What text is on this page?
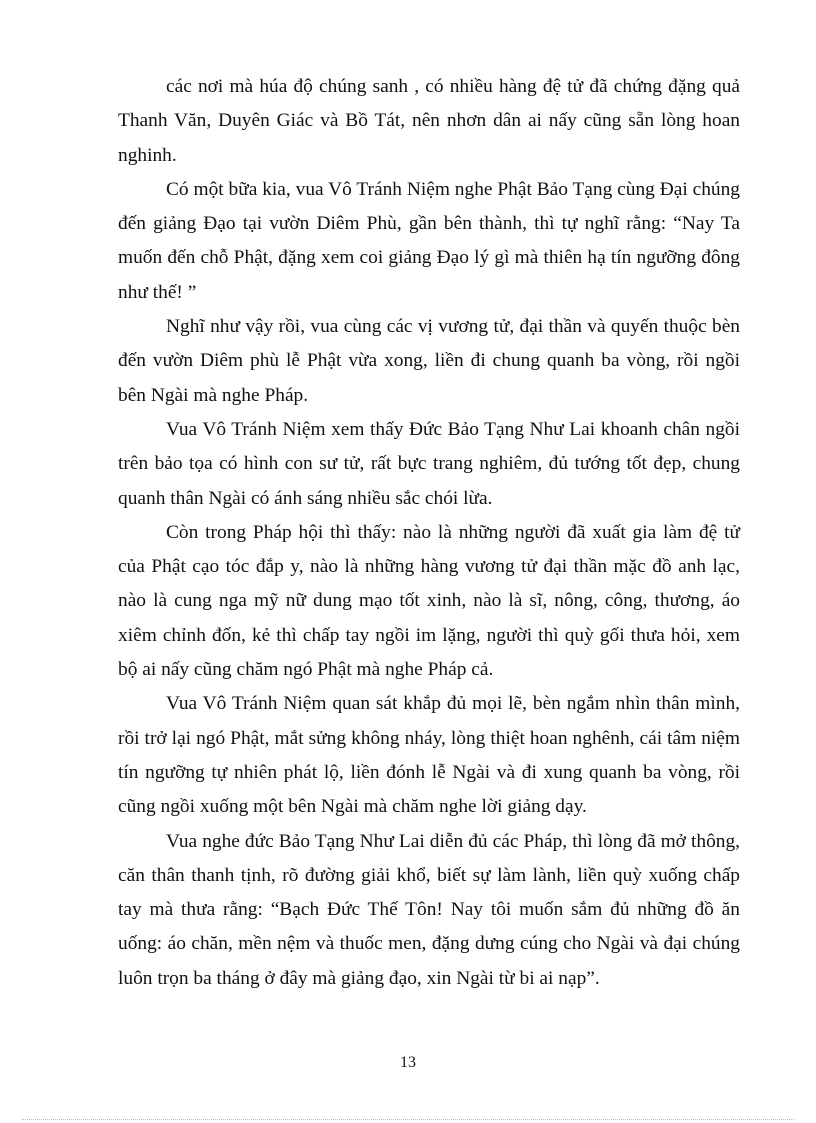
các nơi mà húa độ chúng sanh , có nhiều hàng đệ tử đã chứng đặng quả Thanh Văn, Duyên Giác và Bồ Tát, nên nhơn dân ai nấy cũng sẵn lòng hoan nghinh.

Có một bữa kia, vua Vô Tránh Niệm nghe Phật Bảo Tạng cùng Đại chúng đến giảng Đạo tại vườn Diêm Phù, gần bên thành, thì tự nghĩ rằng: “Nay Ta muốn đến chỗ Phật, đặng xem coi giảng Đạo lý gì mà thiên hạ tín ngưỡng đông như thế! ”

Nghĩ như vậy rồi, vua cùng các vị vương tử, đại thần và quyến thuộc bèn đến vườn Diêm phù lễ Phật vừa xong, liền đi chung quanh ba vòng, rồi ngồi bên Ngài mà nghe Pháp.

Vua Vô Tránh Niệm xem thấy Đức Bảo Tạng Như Lai khoanh chân ngồi trên bảo tọa có hình con sư tử, rất bực trang nghiêm, đủ tướng tốt đẹp, chung quanh thân Ngài có ánh sáng nhiều sắc chói lừa.

Còn trong Pháp hội thì thấy: nào là những người đã xuất gia làm đệ tử của Phật cạo tóc đắp y, nào là những hàng vương tử đại thần mặc đồ anh lạc, nào là cung nga mỹ nữ dung mạo tốt xinh, nào là sĩ, nông, công, thương, áo xiêm chỉnh đốn, kẻ thì chấp tay ngồi im lặng, người thì quỳ gối thưa hỏi, xem bộ ai nấy cũng chăm ngó Phật mà nghe Pháp cả.

Vua Vô Tránh Niệm quan sát khắp đủ mọi lẽ, bèn ngắm nhìn thân mình, rồi trở lại ngó Phật, mắt sửng không nháy, lòng thiệt hoan nghênh, cái tâm niệm tín ngưỡng tự nhiên phát lộ, liền đónh lễ Ngài và đi xung quanh ba vòng, rồi cũng ngồi xuống một bên Ngài mà chăm nghe lời giảng dạy.

Vua nghe đức Bảo Tạng Như Lai diễn đủ các Pháp, thì lòng đã mở thông, căn thân thanh tịnh, rõ đường giải khổ, biết sự làm lành, liền quỳ xuống chấp tay mà thưa rằng: “Bạch Đức Thế Tôn! Nay tôi muốn sắm đủ những đồ ăn uống: áo chăn, mền nệm và thuốc men, đặng dưng cúng cho Ngài và đại chúng luôn trọn ba tháng ở đây mà giảng đạo, xin Ngài từ bi ai nạp”.

13
